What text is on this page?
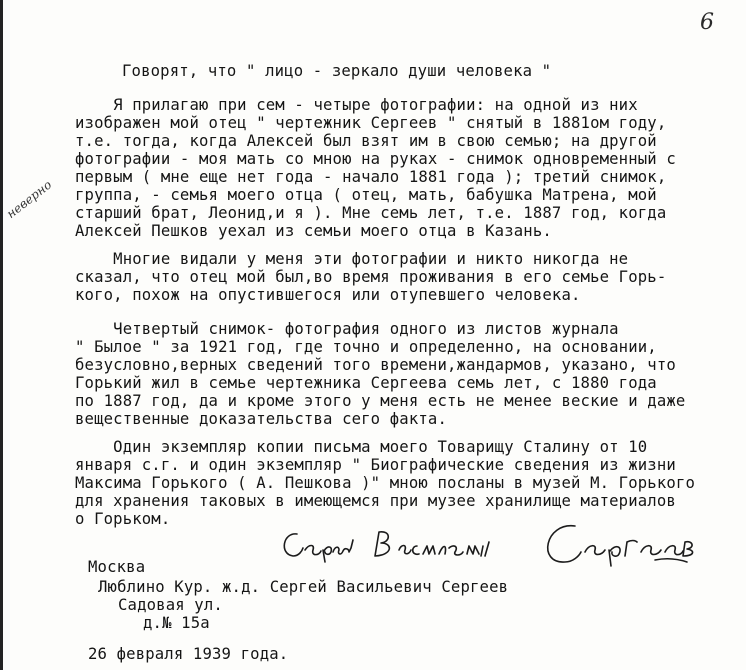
6
неверно
Говорят, что " лицо - зеркало души человека "
Я прилагаю при сем - четыре фотографии: на одной из них
изображен мой отец " чертежник Сергеев " снятый в 1881ом году,
т.е. тогда, когда Алексей был взят им в свою семью; на другой
фотографии - моя мать со мною на руках - снимок одновременный с
первым ( мне еще нет года - начало 1881 года ); третий снимок,
группа, - семья моего отца ( отец, мать, бабушка Матрена, мой
старший брат, Леонид,и я ). Мне семь лет, т.е. 1887 год, когда
Алексей Пешков уехал из семьи моего отца в Казань.
Многие видали у меня эти фотографии и никто никогда не
сказал, что отец мой был,во время проживания в его семье Горь-
кого, похож на опустившегося или отупевшего человека.
Четвертый снимок- фотография одного из листов журнала
" Былое " за 1921 год, где точно и определенно, на основании,
безусловно,верных сведений того времени,жандармов, указано, что
Горький жил в семье чертежника Сергеева семь лет, с 1880 года
по 1887 год, да и кроме этого у меня есть не менее веские и даже
вещественные доказательства сего факта.
Один экземпляр копии письма моего Товарищу Сталину от 10
января с.г. и один экземпляр " Биографические сведения из жизни
Максима Горького ( А. Пешкова )" мною посланы в музей М. Горького
для хранения таковых в имеющемся при музее хранилище материалов
о Горьком.
Москва
Люблино Кур. ж.д. Сергей Васильевич Сергеев
Садовая ул.
д.№ 15а
26 февраля 1939 года.
